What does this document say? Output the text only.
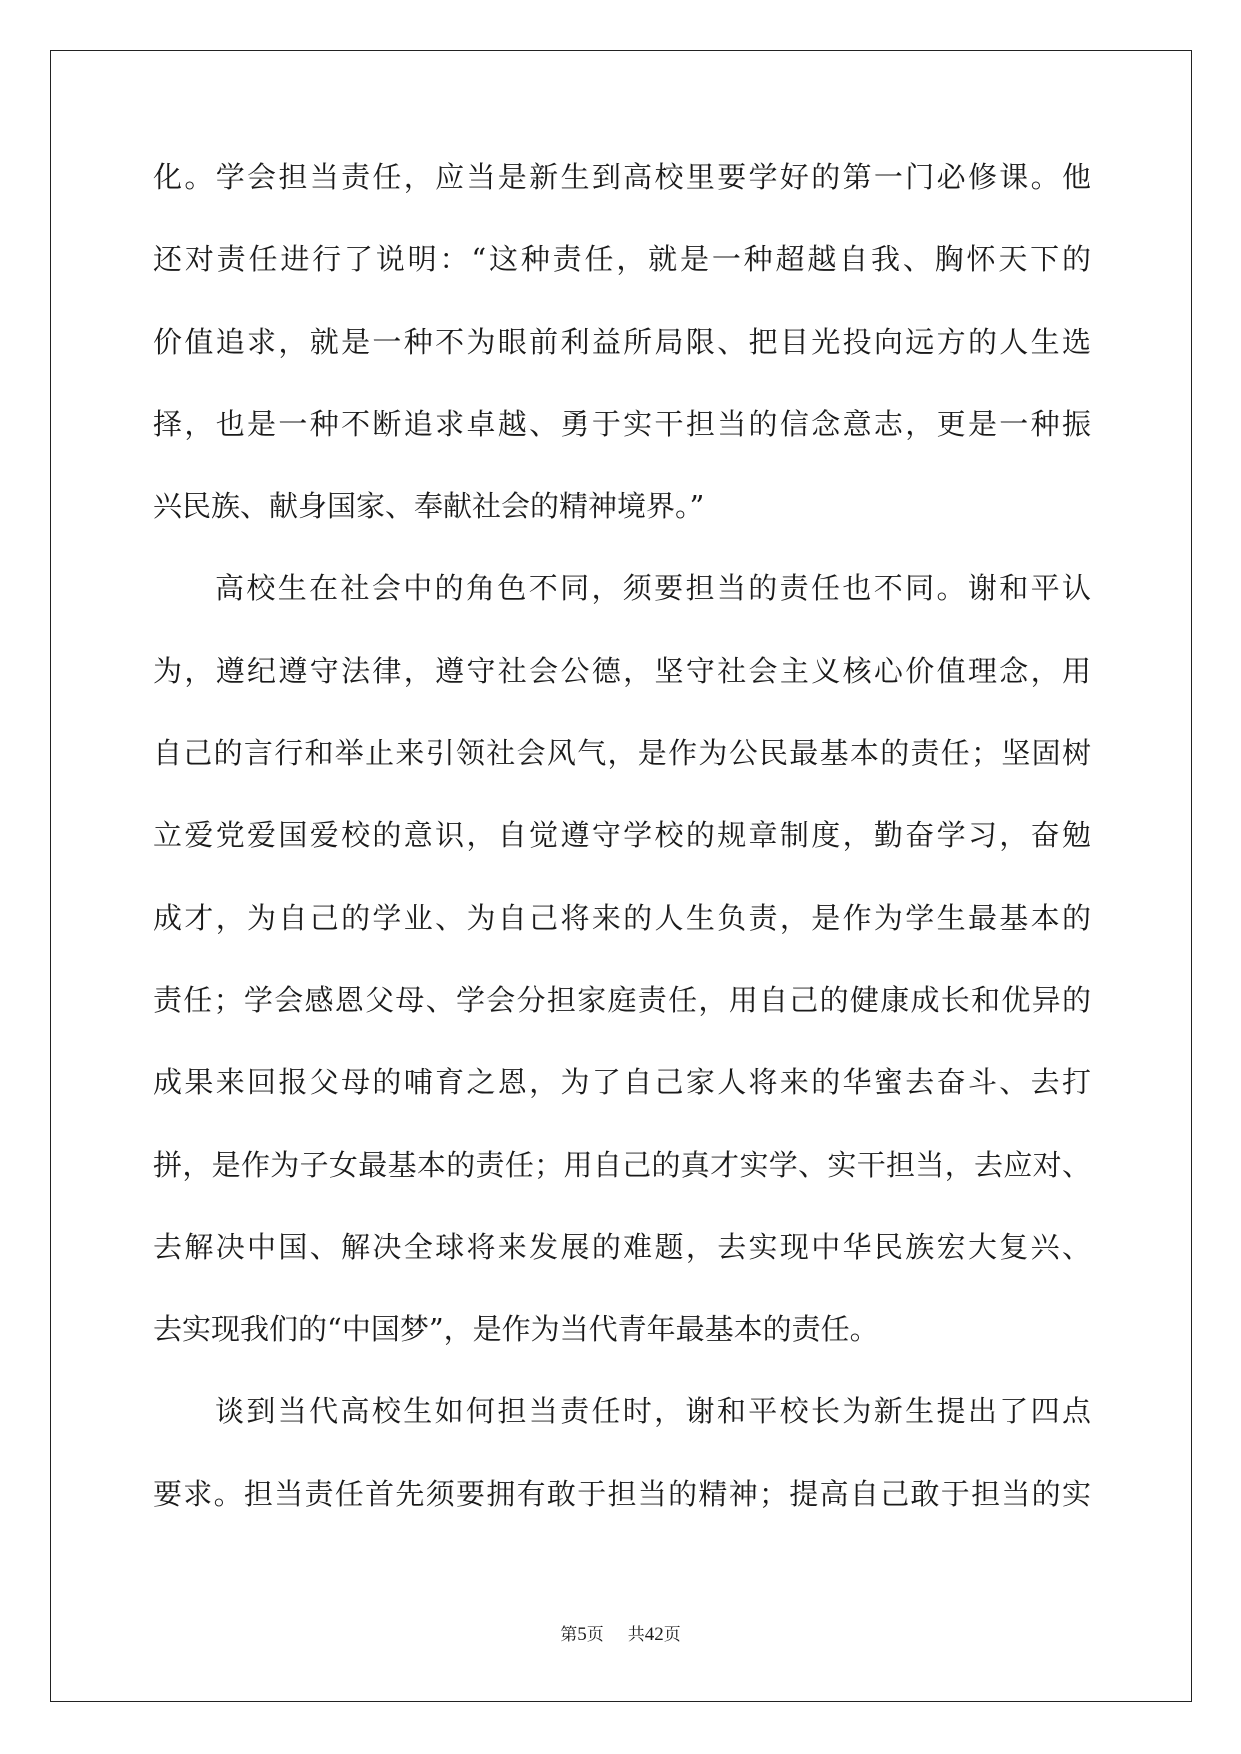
化。学会担当责任，应当是新生到高校里要学好的第一门必修课。他
还对责任进行了说明：“这种责任，就是一种超越自我、胸怀天下的
价值追求，就是一种不为眼前利益所局限、把目光投向远方的人生选
择，也是一种不断追求卓越、勇于实干担当的信念意志，更是一种振
兴民族、献身国家、奉献社会的精神境界。”
高校生在社会中的角色不同，须要担当的责任也不同。谢和平认
为，遵纪遵守法律，遵守社会公德，坚守社会主义核心价值理念，用
自己的言行和举止来引领社会风气，是作为公民最基本的责任；坚固树
立爱党爱国爱校的意识，自觉遵守学校的规章制度，勤奋学习，奋勉
成才，为自己的学业、为自己将来的人生负责，是作为学生最基本的
责任；学会感恩父母、学会分担家庭责任，用自己的健康成长和优异的
成果来回报父母的哺育之恩，为了自己家人将来的华蜜去奋斗、去打
拼，是作为子女最基本的责任；用自己的真才实学、实干担当，去应对、
去解决中国、解决全球将来发展的难题，去实现中华民族宏大复兴、
去实现我们的“中国梦”，是作为当代青年最基本的责任。
谈到当代高校生如何担当责任时，谢和平校长为新生提出了四点
要求。担当责任首先须要拥有敢于担当的精神；提高自己敢于担当的实
第5页 共42页
